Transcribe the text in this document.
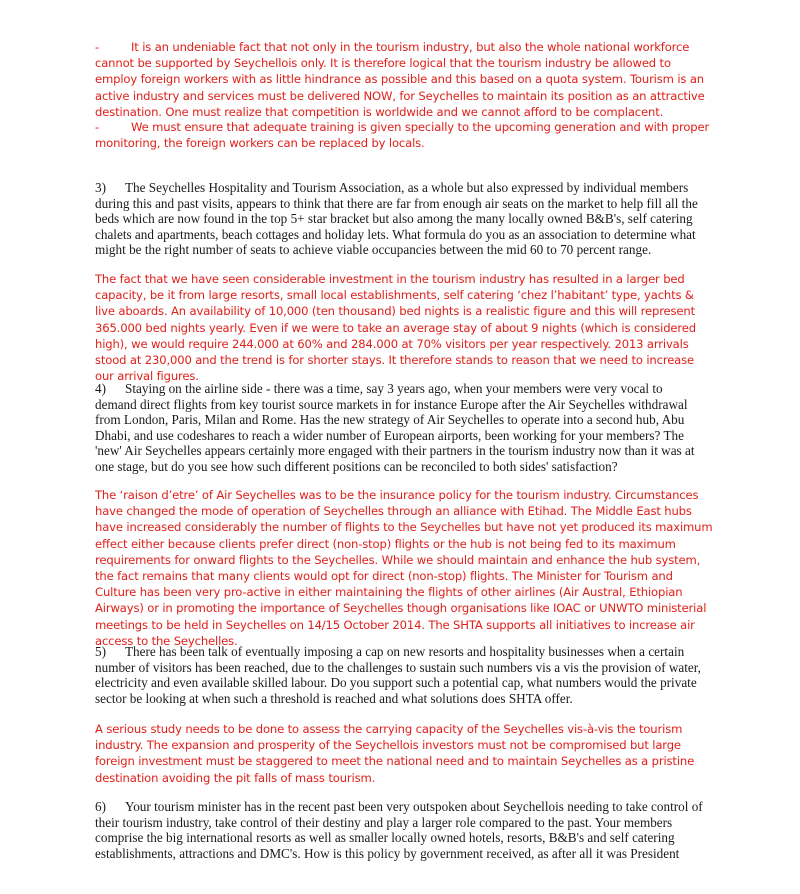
-	It is an undeniable fact that not only in the tourism industry, but also the whole national workforce cannot be supported by Seychellois only. It is therefore logical that the tourism industry be allowed to employ foreign workers with as little hindrance as possible and this based on a quota system. Tourism is an active industry and services must be delivered NOW, for Seychelles to maintain its position as an attractive destination. One must realize that competition is worldwide and we cannot afford to be complacent.
-	We must ensure that adequate training is given specially to the upcoming generation and with proper monitoring, the foreign workers can be replaced by locals.

3) The Seychelles Hospitality and Tourism Association, as a whole but also expressed by individual members during this and past visits, appears to think that there are far from enough air seats on the market to help fill all the beds which are now found in the top 5+ star bracket but also among the many locally owned B&B's, self catering chalets and apartments, beach cottages and holiday lets. What formula do you as an association to determine what might be the right number of seats to achieve viable occupancies between the mid 60 to 70 percent range.

The fact that we have seen considerable investment in the tourism industry has resulted in a larger bed capacity, be it from large resorts, small local establishments, self catering ‘chez l’habitant’ type, yachts & live aboards. An availability of 10,000 (ten thousand) bed nights is a realistic figure and this will represent 365.000 bed nights yearly. Even if we were to take an average stay of about 9 nights (which is considered high), we would require 244.000 at 60% and 284.000 at 70% visitors per year respectively. 2013 arrivals stood at 230,000 and the trend is for shorter stays. It therefore stands to reason that we need to increase our arrival figures.

4) Staying on the airline side - there was a time, say 3 years ago, when your members were very vocal to demand direct flights from key tourist source markets in for instance Europe after the Air Seychelles withdrawal from London, Paris, Milan and Rome. Has the new strategy of Air Seychelles to operate into a second hub, Abu Dhabi, and use codeshares to reach a wider number of European airports, been working for your members? The 'new' Air Seychelles appears certainly more engaged with their partners in the tourism industry now than it was at one stage, but do you see how such different positions can be reconciled to both sides' satisfaction?

The ‘raison d’etre’ of Air Seychelles was to be the insurance policy for the tourism industry. Circumstances have changed the mode of operation of Seychelles through an alliance with Etihad. The Middle East hubs have increased considerably the number of flights to the Seychelles but have not yet produced its maximum effect either because clients prefer direct (non-stop) flights or the hub is not being fed to its maximum requirements for onward flights to the Seychelles. While we should maintain and enhance the hub system, the fact remains that many clients would opt for direct (non-stop) flights. The Minister for Tourism and Culture has been very pro-active in either maintaining the flights of other airlines (Air Austral, Ethiopian Airways) or in promoting the importance of Seychelles though organisations like IOAC or UNWTO ministerial meetings to be held in Seychelles on 14/15 October 2014. The SHTA supports all initiatives to increase air access to the Seychelles.

5) There has been talk of eventually imposing a cap on new resorts and hospitality businesses when a certain number of visitors has been reached, due to the challenges to sustain such numbers vis a vis the provision of water, electricity and even available skilled labour. Do you support such a potential cap, what numbers would the private sector be looking at when such a threshold is reached and what solutions does SHTA offer.

A serious study needs to be done to assess the carrying capacity of the Seychelles vis-à-vis the tourism industry. The expansion and prosperity of the Seychellois investors must not be compromised but large foreign investment must be staggered to meet the national need and to maintain Seychelles as a pristine destination avoiding the pit falls of mass tourism.

6) Your tourism minister has in the recent past been very outspoken about Seychellois needing to take control of their tourism industry, take control of their destiny and play a larger role compared to the past. Your members comprise the big international resorts as well as smaller locally owned hotels, resorts, B&B's and self catering establishments, attractions and DMC's. How is this policy by government received, as after all it was President
